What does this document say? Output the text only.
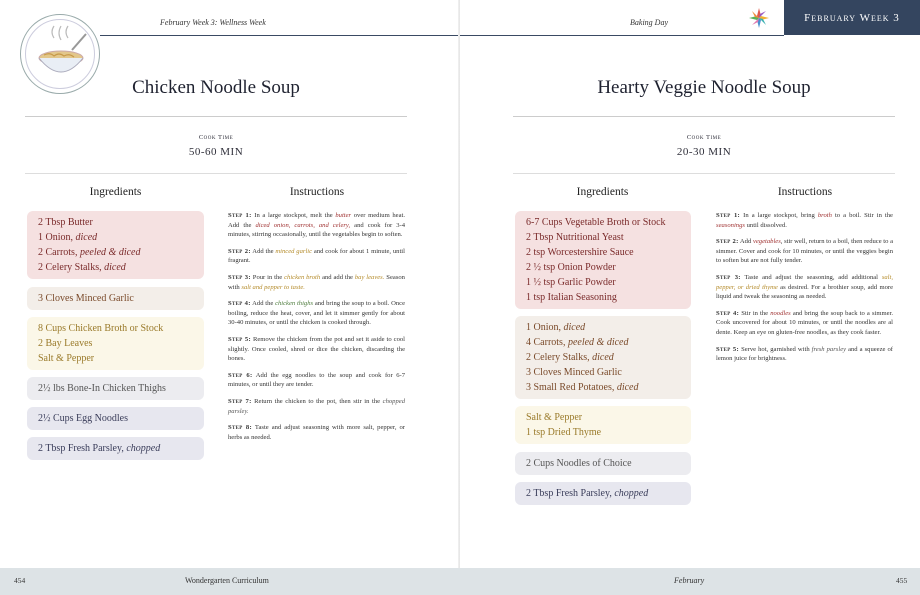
February Week 3: Wellness Week
Chicken Noodle Soup
Cook Time
50-60 MIN
Ingredients	Instructions
2 Tbsp Butter
1 Onion, diced
2 Carrots, peeled & diced
2 Celery Stalks, diced
3 Cloves Minced Garlic
8 Cups Chicken Broth or Stock
2 Bay Leaves
Salt & Pepper
2½ lbs Bone-In Chicken Thighs
2½ Cups Egg Noodles
2 Tbsp Fresh Parsley, chopped
Step 1: In a large stockpot, melt the butter over medium heat. Add the diced onion, carrots, and celery, and cook for 3-4 minutes, stirring occasionally, until the vegetables begin to soften.
Step 2: Add the minced garlic and cook for about 1 minute, until fragrant.
Step 3: Pour in the chicken broth and add the bay leaves. Season with salt and pepper to taste.
Step 4: Add the chicken thighs and bring the soup to a boil. Once boiling, reduce the heat, cover, and let it simmer gently for about 30-40 minutes, or until the chicken is cooked through.
Step 5: Remove the chicken from the pot and set it aside to cool slightly. Once cooled, shred or dice the chicken, discarding the bones.
Step 6: Add the egg noodles to the soup and cook for 6-7 minutes, or until they are tender.
Step 7: Return the chicken to the pot, then stir in the chopped parsley.
Step 8: Taste and adjust seasoning with more salt, pepper, or herbs as needed.
454	Wondergarten Curriculum
Baking Day	February Week 3
Hearty Veggie Noodle Soup
Cook Time
20-30 MIN
Ingredients	Instructions
6-7 Cups Vegetable Broth or Stock
2 Tbsp Nutritional Yeast
2 tsp Worcestershire Sauce
2 ½ tsp Onion Powder
1 ½ tsp Garlic Powder
1 tsp Italian Seasoning
1 Onion, diced
4 Carrots, peeled & diced
2 Celery Stalks, diced
3 Cloves Minced Garlic
3 Small Red Potatoes, diced
Salt & Pepper
1 tsp Dried Thyme
2 Cups Noodles of Choice
2 Tbsp Fresh Parsley, chopped
Step 1: In a large stockpot, bring broth to a boil. Stir in the seasonings until dissolved.
Step 2: Add vegetables, stir well, return to a boil, then reduce to a simmer. Cover and cook for 10 minutes, or until the veggies begin to soften but are not fully tender.
Step 3: Taste and adjust the seasoning, add additional salt, pepper, or dried thyme as desired. For a brothier soup, add more liquid and tweak the seasoning as needed.
Step 4: Stir in the noodles and bring the soup back to a simmer. Cook uncovered for about 10 minutes, or until the noodles are al dente. Keep an eye on gluten-free noodles, as they cook faster.
Step 5: Serve hot, garnished with fresh parsley and a squeeze of lemon juice for brightness.
February	455
